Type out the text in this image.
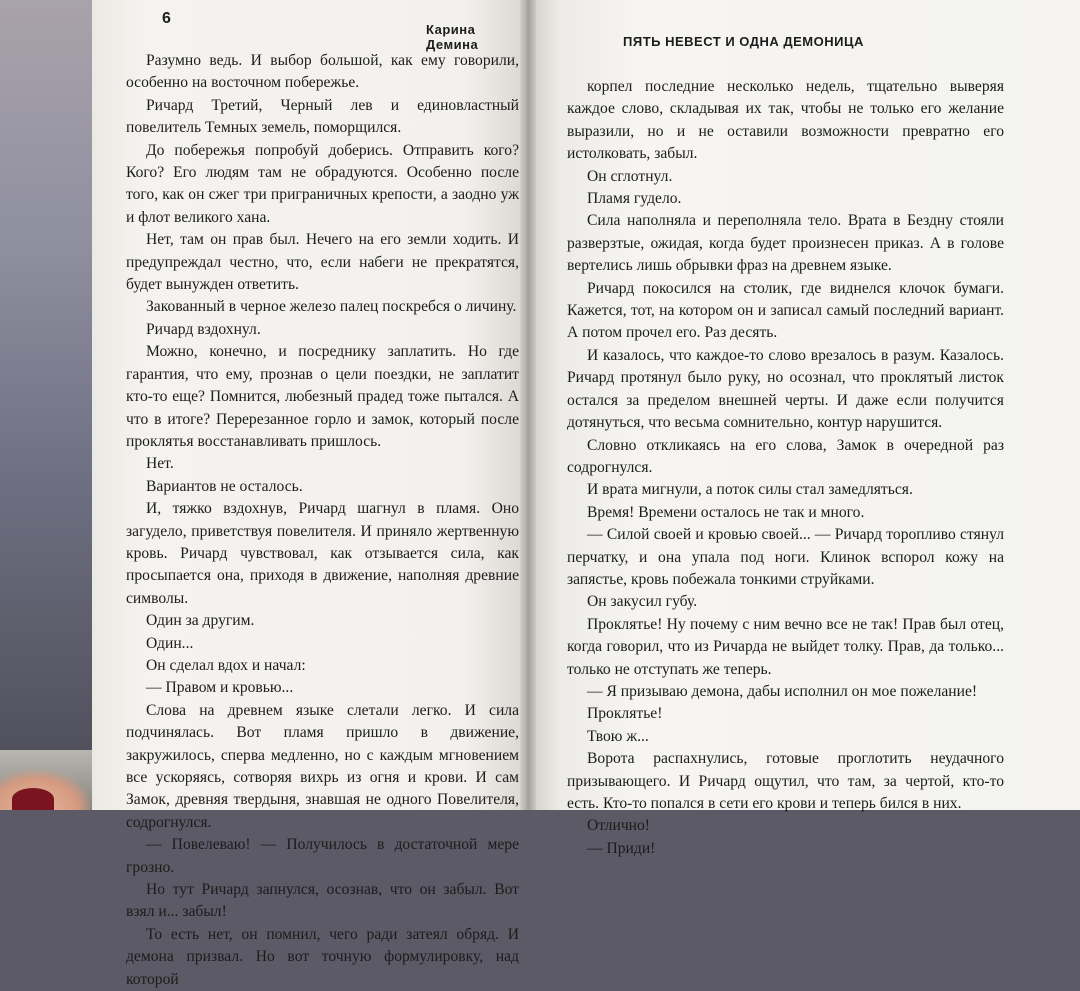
6
Карина Демина

Разумно ведь. И выбор большой, как ему говорили, особенно на восточном побережье.

Ричард Третий, Черный лев и единовластный повелитель Темных земель, поморщился.

До побережья попробуй доберись. Отправить кого? Кого? Его людям там не обрадуются. Особенно после того, как он сжег три приграничных крепости, а заодно уж и флот великого хана.

Нет, там он прав был. Нечего на его земли ходить. И предупреждал честно, что, если набеги не прекратятся, будет вынужден ответить.

Закованный в черное железо палец поскребся о личину.

Ричард вздохнул.

Можно, конечно, и посреднику заплатить. Но где гарантия, что ему, прознав о цели поездки, не заплатит кто-то еще? Помнится, любезный прадед тоже пытался. А что в итоге? Перерезанное горло и замок, который после проклятья восстанавливать пришлось.

Нет.

Вариантов не осталось.

И, тяжко вздохнув, Ричард шагнул в пламя. Оно загудело, приветствуя повелителя. И приняло жертвенную кровь. Ричард чувствовал, как отзывается сила, как просыпается она, приходя в движение, наполняя древние символы.

Один за другим.

Один...

Он сделал вдох и начал:

— Правом и кровью...

Слова на древнем языке слетали легко. И сила подчинялась. Вот пламя пришло в движение, закружилось, сперва медленно, но с каждым мгновением все ускоряясь, сотворяя вихрь из огня и крови. И сам Замок, древняя твердыня, знавшая не одного Повелителя, содрогнулся.

— Повелеваю! — Получилось в достаточной мере грозно.

Но тут Ричард запнулся, осознав, что он забыл. Вот взял и... забыл!

То есть нет, он помнил, чего ради затеял обряд. И демона призвал. Но вот точную формулировку, над которой

ПЯТЬ НЕВЕСТ И ОДНА ДЕМОНИЦА

корпел последние несколько недель, тщательно выверяя каждое слово, складывая их так, чтобы не только его желание выразили, но и не оставили возможности превратно его истолковать, забыл.

Он сглотнул.

Пламя гудело.

Сила наполняла и переполняла тело. Врата в Бездну стояли разверзтые, ожидая, когда будет произнесен приказ. А в голове вертелись лишь обрывки фраз на древнем языке.

Ричард покосился на столик, где виднелся клочок бумаги. Кажется, тот, на котором он и записал самый последний вариант. А потом прочел его. Раз десять.

И казалось, что каждое-то слово врезалось в разум. Казалось. Ричард протянул было руку, но осознал, что проклятый листок остался за пределом внешней черты. И даже если получится дотянуться, что весьма сомнительно, контур нарушится.

Словно откликаясь на его слова, Замок в очередной раз содрогнулся.

И врата мигнули, а поток силы стал замедляться.

Время! Времени осталось не так и много.

— Силой своей и кровью своей... — Ричард торопливо стянул перчатку, и она упала под ноги. Клинок вспорол кожу на запястье, кровь побежала тонкими струйками.

Он закусил губу.

Проклятье! Ну почему с ним вечно все не так! Прав был отец, когда говорил, что из Ричарда не выйдет толку. Прав, да только... только не отступать же теперь.

— Я призываю демона, дабы исполнил он мое пожелание!

Проклятье!

Твою ж...

Ворота распахнулись, готовые проглотить неудачного призывающего. И Ричард ощутил, что там, за чертой, кто-то есть. Кто-то попался в сети его крови и теперь бился в них.

Отлично!

— Приди!
